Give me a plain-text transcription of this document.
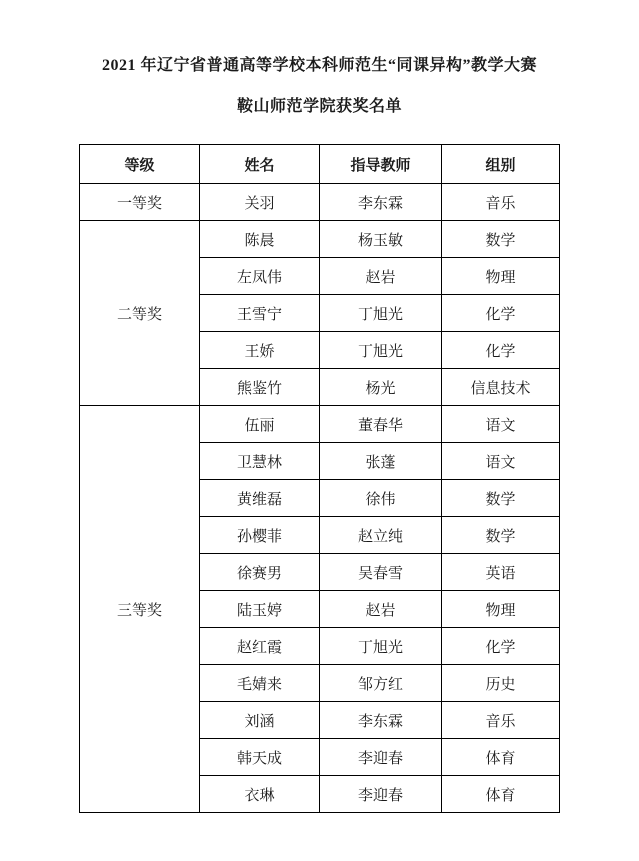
2021 年辽宁省普通高等学校本科师范生“同课异构”教学大赛
鞍山师范学院获奖名单
等级	姓名	指导教师	组别
一等奖	关羽	李东霖	音乐
二等奖	陈晨	杨玉敏	数学
	左凤伟	赵岩	物理
	王雪宁	丁旭光	化学
	王娇	丁旭光	化学
	熊鉴竹	杨光	信息技术
三等奖	伍丽	董春华	语文
	卫慧林	张蓬	语文
	黄维磊	徐伟	数学
	孙樱菲	赵立纯	数学
	徐赛男	吴春雪	英语
	陆玉婷	赵岩	物理
	赵红霞	丁旭光	化学
	毛婧来	邹方红	历史
	刘涵	李东霖	音乐
	韩天成	李迎春	体育
	衣琳	李迎春	体育
